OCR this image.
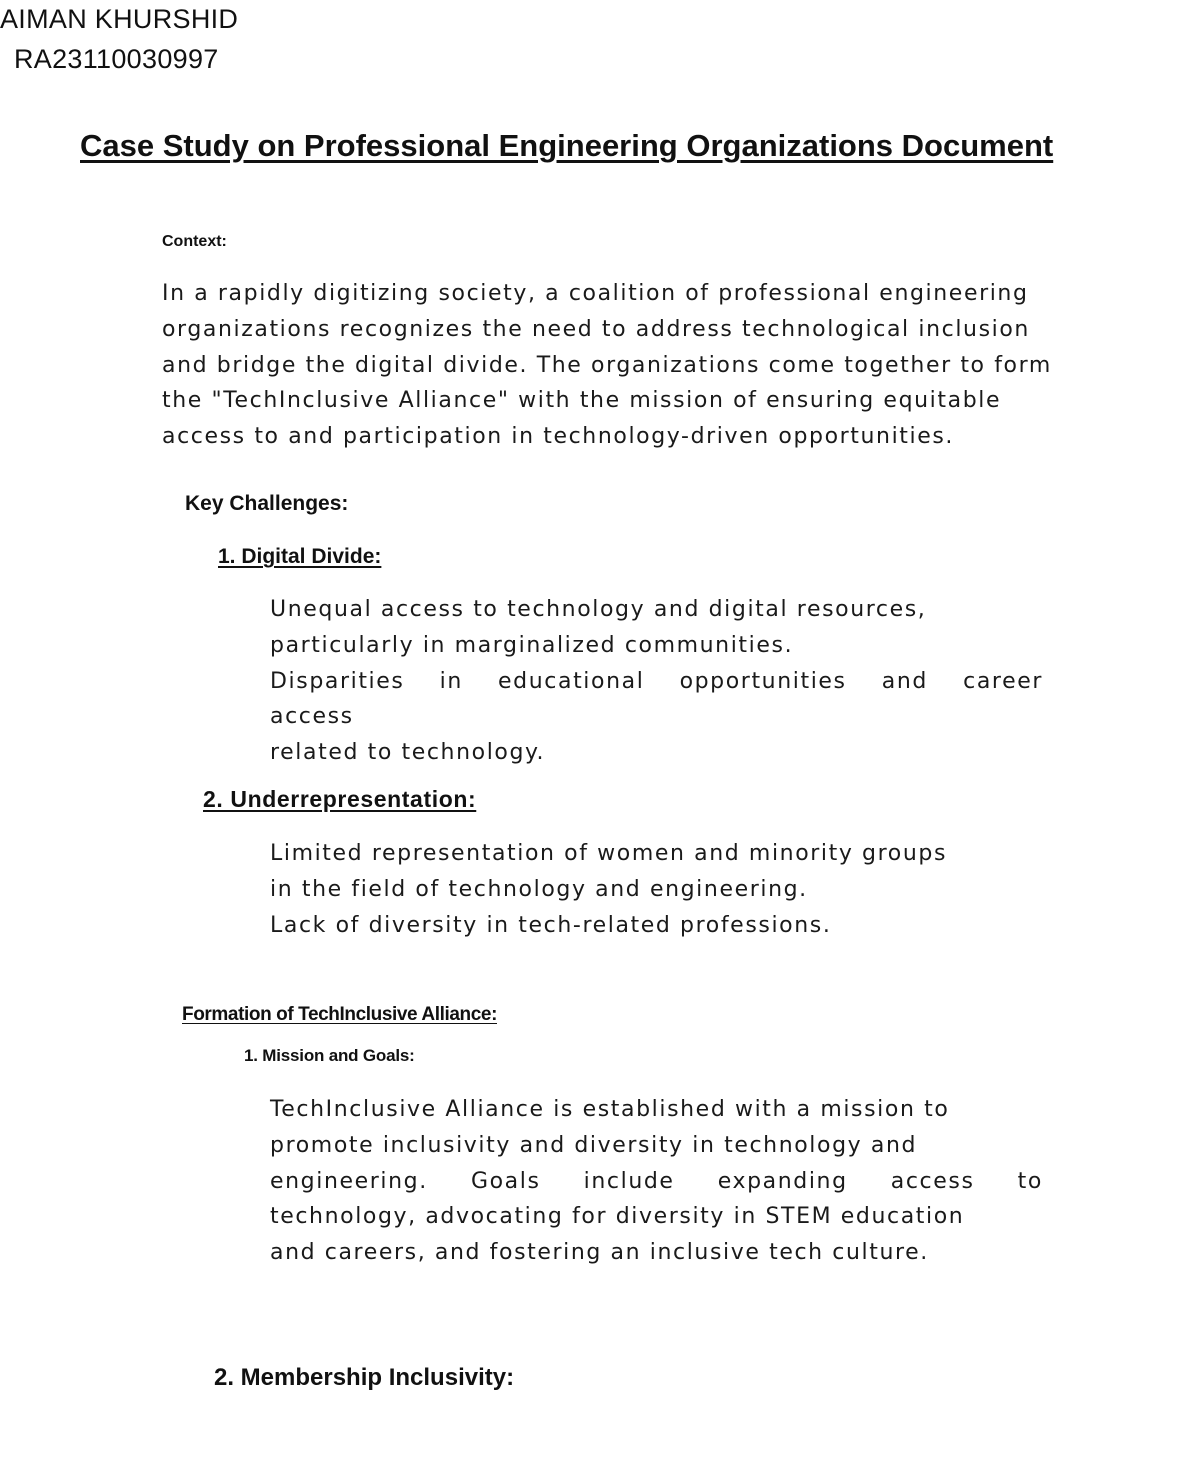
AIMAN KHURSHID

RA23110030997

Case Study on Professional Engineering Organizations Document

Context:

In a rapidly digitizing society, a coalition of professional engineering
organizations recognizes the need to address technological inclusion
and bridge the digital divide. The organizations come together to form
the "TechInclusive Alliance" with the mission of ensuring equitable
access to and participation in technology-driven opportunities.
Key Challenges:
1. Digital Divide:
Unequal access to technology and digital resources,
particularly in marginalized communities.
Disparities in educational opportunities and career
access
related to technology.
2. Underrepresentation:
Limited representation of women and minority groups
in the field of technology and engineering.
Lack of diversity in tech-related professions.
Formation of TechInclusive Alliance:
1. Mission and Goals:
TechInclusive Alliance is established with a mission to
promote inclusivity and diversity in technology and
engineering. Goals include expanding access to
technology, advocating for diversity in STEM education
and careers, and fostering an inclusive tech culture.
2. Membership Inclusivity:
